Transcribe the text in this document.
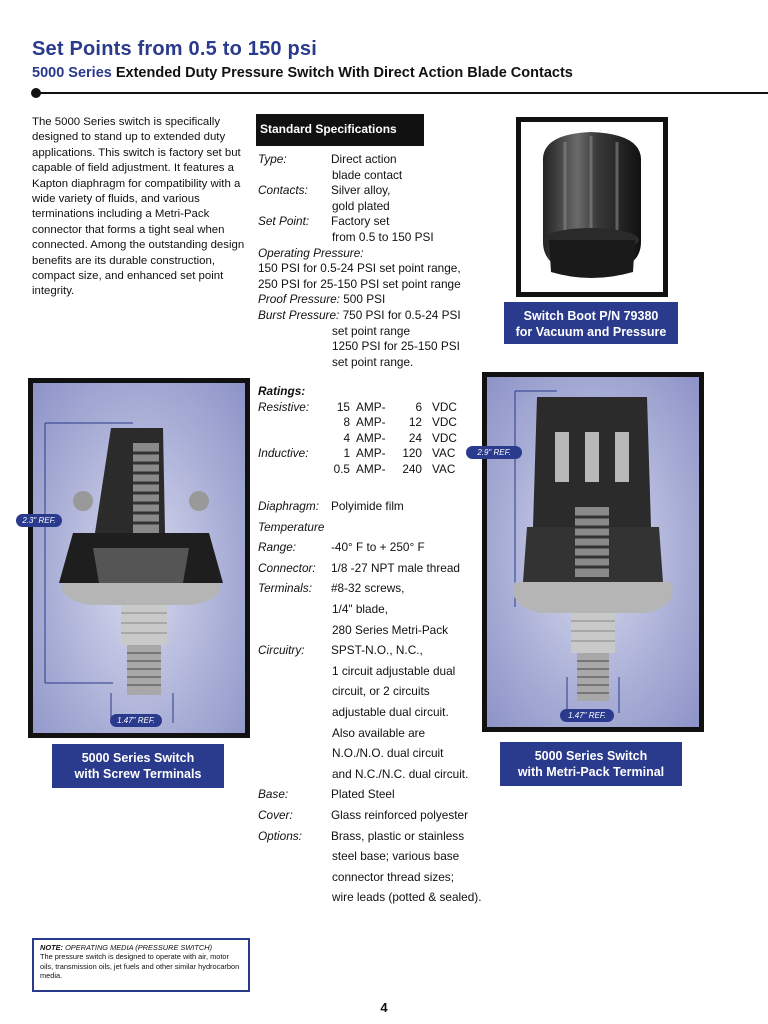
Set Points from 0.5 to 150 psi
5000 Series Extended Duty Pressure Switch With Direct Action Blade Contacts
The 5000 Series switch is specifically designed to stand up to extended duty applications. This switch is factory set but capable of field adjustment. It features a Kapton diaphragm for compatibility with a wide variety of fluids, and various terminations including a Metri-Pack connector that forms a tight seal when connected. Among the outstanding design benefits are its durable construction, compact size, and enhanced set point integrity.
Standard Specifications
Type:	Direct action
blade contact
Contacts:	Silver alloy,
gold plated
Set Point:	Factory set
from 0.5 to 150 PSI
Operating Pressure:
150 PSI for 0.5-24 PSI set point range,
250 PSI for 25-150 PSI set point range
Proof Pressure: 500 PSI
Burst Pressure: 750 PSI for 0.5-24 PSI
set point range
1250 PSI for 25-150 PSI
set point range.
Ratings:
Resistive:	15 AMP-	6 VDC
8 AMP-	12 VDC
4 AMP-	24 VDC
Inductive:	1 AMP-	120 VAC
0.5 AMP-	240 VAC
Diaphragm:	Polyimide film
Temperature
Range:	-40° F to + 250° F
Connector:	1/8 -27 NPT male thread
Terminals:	#8-32 screws,
1/4" blade,
280 Series Metri-Pack
Circuitry:	SPST-N.O., N.C.,
1 circuit adjustable dual
circuit, or 2 circuits
adjustable dual circuit.
Also available are
N.O./N.O. dual circuit
and N.C./N.C. dual circuit.
Base:	Plated Steel
Cover:	Glass reinforced polyester
Options:	Brass, plastic or stainless
steel base; various base
connector thread sizes;
wire leads (potted & sealed).
Switch Boot P/N 79380
for Vacuum and Pressure
2.3" REF.
1.47" REF.
5000 Series Switch
with Screw Terminals
2.9" REF.
1.47" REF.
5000 Series Switch
with Metri-Pack Terminal
NOTE: OPERATING MEDIA (PRESSURE SWITCH)
The pressure switch is designed to operate with air, motor oils, transmission oils, jet fuels and other similar hydrocarbon media.
4
